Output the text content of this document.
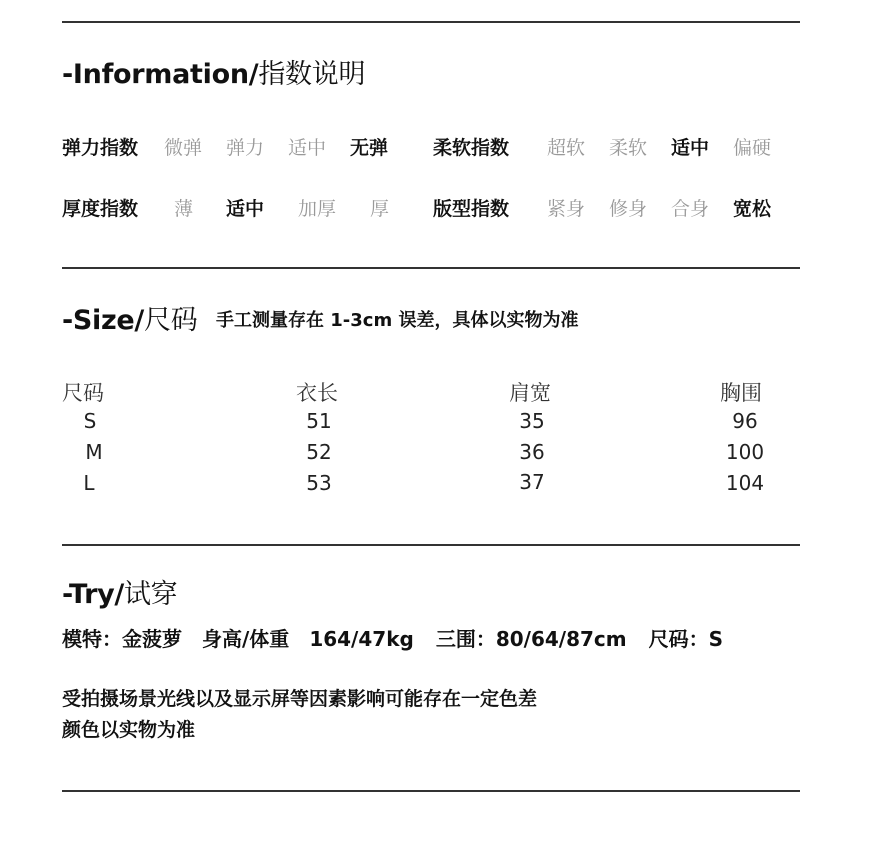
-Information/指数说明
弹力指数 微弹 弹力 适中 无弹 柔软指数 超软 柔软 适中 偏硬
厚度指数 薄 适中 加厚 厚 版型指数 紧身 修身 合身 宽松
-Size/尺码 手工测量存在 1-3cm 误差，具体以实物为准
尺码	衣长	肩宽	胸围
S	51	35	96
M	52	36	100
L	53	37	104
-Try/试穿
模特：金菠萝 身高/体重 164/47kg 三围：80/64/87cm 尺码：S
受拍摄场景光线以及显示屏等因素影响可能存在一定色差
颜色以实物为准
